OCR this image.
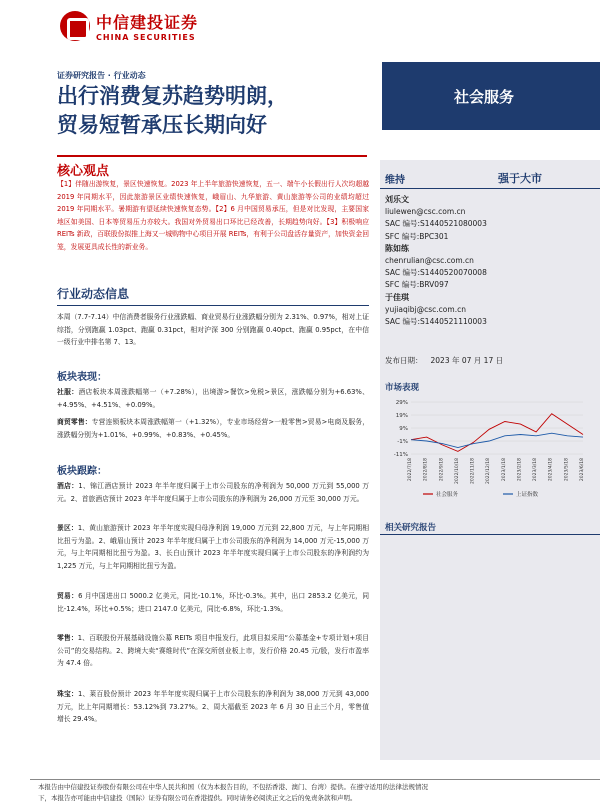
中信建投证券
CHINA SECURITIES
证券研究报告 · 行业动态
出行消费复苏趋势明朗，
贸易短暂承压长期向好
社会服务
核心观点
【1】伴随出游恢复，景区快速恢复。2023 年上半年旅游快速恢复，五一、端午小长假出行人次均超越 2019 年同期水平，因此旅游景区业绩快速恢复，峨眉山、九华旅游、黄山旅游等公司的业绩均超过 2019 年同期水平。暑期游有望延续快速恢复态势。【2】6 月中国贸易承压，但是对比发现，主要国家地区如美国、日本等贸易压力亦较大。我国对外贸易出口环比已经改善，长期趋势向好。【3】积极响应 REITs 新政，百联股份拟推上海又一城购物中心项目开展 REITs，有利于公司盘活存量资产，加快资金回笼，发展更具成长性的新业务。
行业动态信息
本周（7.7-7.14）中信消费者服务行业涨跌幅、商业贸易行业涨跌幅分别为 2.31%、0.97%，相对上证综指，分别跑赢 1.03pct、跑赢 0.31pct，相对沪深 300 分别跑赢 0.40pct、跑赢 0.95pct，在中信一级行业中排名第 7、13。
板块表现：
社服：酒店板块本周涨跌幅第一（+7.28%），出境游>餐饮>免税>景区，涨跌幅分别为+6.63%、+4.95%、+4.51%、+0.09%。
商贸零售：专营连锁板块本周涨跌幅第一（+1.32%），专业市场经营>一般零售>贸易>电商及服务，涨跌幅分别为+1.01%、+0.99%、+0.83%、+0.45%。
板块跟踪：
酒店：1、锦江酒店预计 2023 年半年度归属于上市公司股东的净利润为 50,000 万元到 55,000 万元。2、首旅酒店预计 2023 年半年度归属于上市公司股东的净利润为 26,000 万元至 30,000 万元。
景区：1、黄山旅游预计 2023 年半年度实现归母净利润 19,000 万元到 22,800 万元，与上年同期相比扭亏为盈。2、峨眉山预计 2023 年半年度归属于上市公司股东的净利润为 14,000 万元-15,000 万元，与上年同期相比扭亏为盈。3、长白山预计 2023 年半年度实现归属于上市公司股东的净利润约为 1,225 万元，与上年同期相比扭亏为盈。
贸易：6 月中国进出口 5000.2 亿美元，同比-10.1%，环比-0.3%。其中，出口 2853.2 亿美元，同比-12.4%，环比+0.5%；进口 2147.0 亿美元，同比-6.8%，环比-1.3%。
零售：1、百联股份开展基础设施公募 REITs 项目申报发行，此项目拟采用“公募基金+专项计划+项目公司”的交易结构。2、跨境大卖“赛维时代”在深交所创业板上市，发行价格 20.45 元/股，发行市盈率为 47.4 倍。
珠宝：1、莱百股份预计 2023 年半年度实现归属于上市公司股东的净利润为 38,000 万元到 43,000 万元，比上年同期增长：53.12%到 73.27%。2、周大福截至 2023 年 6 月 30 日止三个月，零售值增长 29.4%。
维持	强于大市
刘乐文
liulewen@csc.com.cn
SAC 编号:S1440521080003
SFC 编号:BPC301
陈如练
chenrulian@csc.com.cn
SAC 编号:S1440520070008
SFC 编号:BRV097
于佳琪
yujiaqibj@csc.com.cn
SAC 编号:S1440521110003
发布日期： 2023 年 07 月 17 日
市场表现
29%
19%
9%
-1%
-11%
2022/7/18 2022/8/18 2022/9/18 2022/10/18 2022/11/18 2022/12/18 2023/1/18 2023/2/18 2023/3/18 2023/4/18 2023/5/18 2023/6/18
社会服务	上证指数
相关研究报告
本报告由中信建投证券股份有限公司在中华人民共和国（仅为本报告目的，不包括香港、澳门、台湾）提供。在遵守适用的法律法规情况
下，本报告亦可能由中信建投（国际）证券有限公司在香港提供。同时请务必阅读正文之后的免责条款和声明。
